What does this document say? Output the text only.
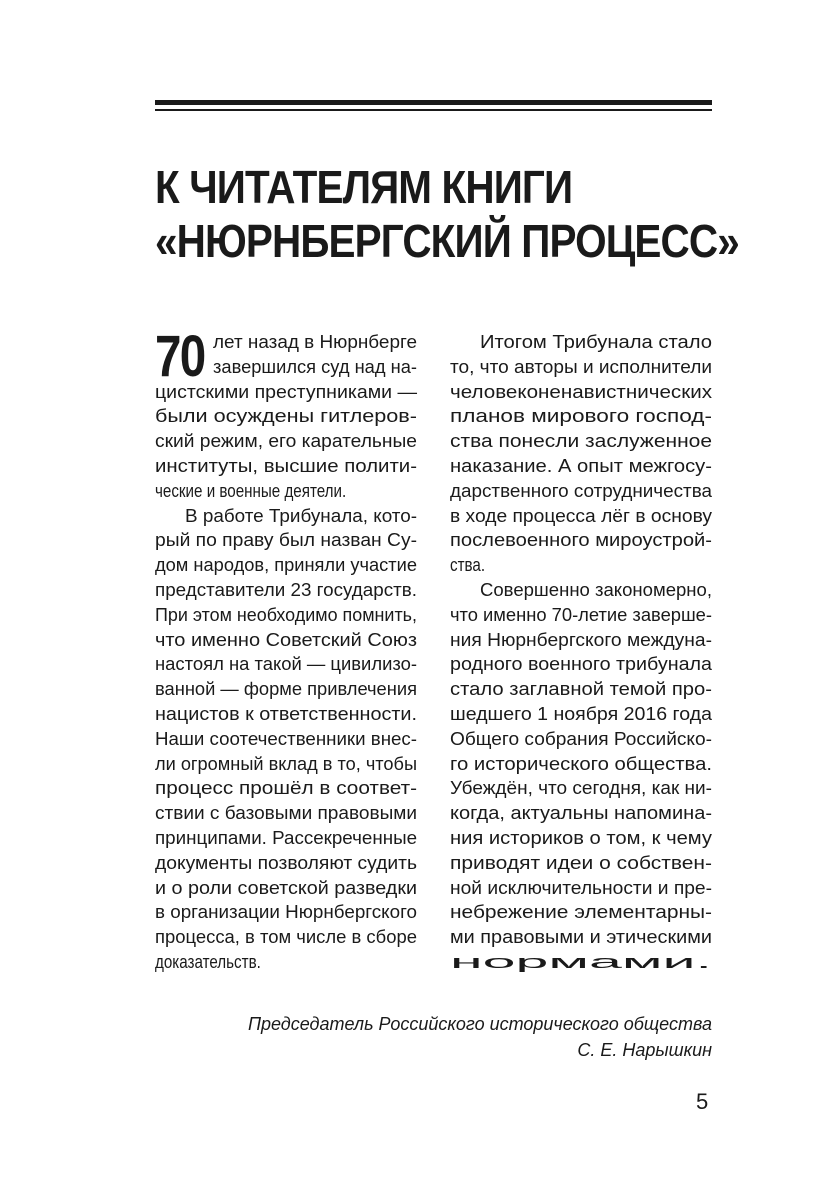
К ЧИТАТЕЛЯМ КНИГИ
«НЮРНБЕРГСКИЙ ПРОЦЕСС»
70 лет назад в Нюрнберге
завершился суд над на-
цистскими преступниками —
были осуждены гитлеров-
ский режим, его карательные
институты, высшие полити-
ческие и военные деятели.
В работе Трибунала, кото-
рый по праву был назван Су-
дом народов, приняли участие
представители 23 государств.
При этом необходимо помнить,
что именно Советский Союз
настоял на такой — цивилизо-
ванной — форме привлечения
нацистов к ответственности.
Наши соотечественники внес-
ли огромный вклад в то, чтобы
процесс прошёл в соответ-
ствии с базовыми правовыми
принципами. Рассекреченные
документы позволяют судить
и о роли советской разведки
в организации Нюрнбергского
процесса, в том числе в сборе
доказательств.
Итогом Трибунала стало
то, что авторы и исполнители
человеконенавистнических
планов мирового господ-
ства понесли заслуженное
наказание. А опыт межгосу-
дарственного сотрудничества
в ходе процесса лёг в основу
послевоенного мироустрой-
ства.
Совершенно закономерно,
что именно 70-летие заверше-
ния Нюрнбергского междуна-
родного военного трибунала
стало заглавной темой про-
шедшего 1 ноября 2016 года
Общего собрания Российско-
го исторического общества.
Убеждён, что сегодня, как ни-
когда, актуальны напомина-
ния историков о том, к чему
приводят идеи о собствен-
ной исключительности и пре-
небрежение элементарны-
ми правовыми и этическими
нормами.
Председатель Российского исторического общества
С. Е. Нарышкин
5
